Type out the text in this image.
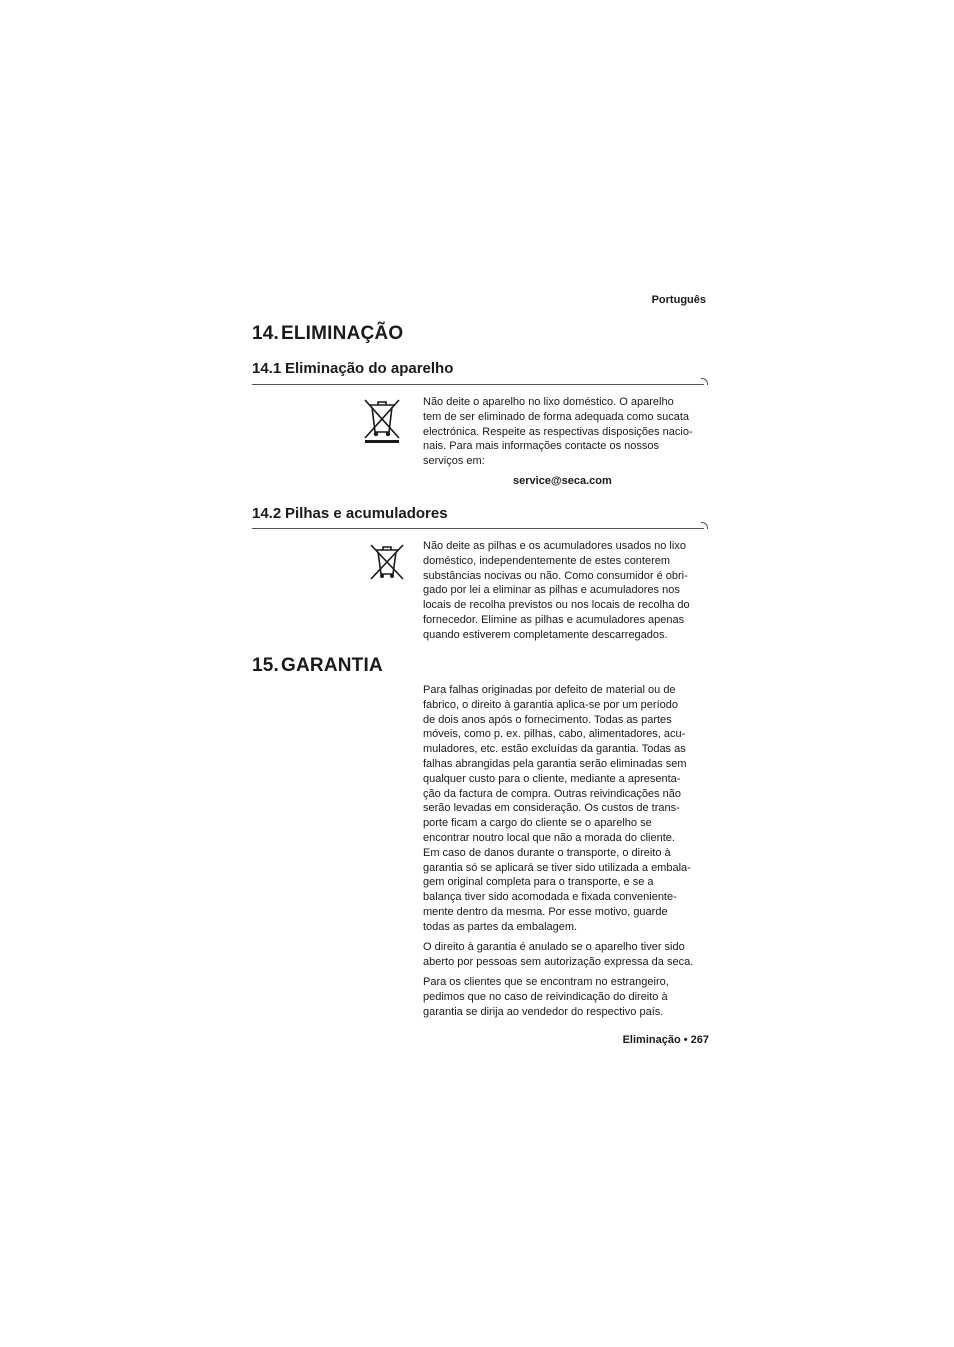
Português
14. ELIMINAÇÃO
14.1 Eliminação do aparelho

Não deite o aparelho no lixo doméstico. O aparelho
tem de ser eliminado de forma adequada como sucata
electrónica. Respeite as respectivas disposições nacio-
nais. Para mais informações contacte os nossos
serviços em:

service@seca.com
14.2 Pilhas e acumuladores

Não deite as pilhas e os acumuladores usados no lixo
doméstico, independentemente de estes conterem
substâncias nocivas ou não. Como consumidor é obri-
gado por lei a eliminar as pilhas e acumuladores nos
locais de recolha previstos ou nos locais de recolha do
fornecedor. Elimine as pilhas e acumuladores apenas
quando estiverem completamente descarregados.

15. GARANTIA

Para falhas originadas por defeito de material ou de
fabrico, o direito à garantia aplica-se por um período
de dois anos após o fornecimento. Todas as partes
móveis, como p. ex. pilhas, cabo, alimentadores, acu-
muladores, etc. estão excluídas da garantia. Todas as
falhas abrangidas pela garantia serão eliminadas sem
qualquer custo para o cliente, mediante a apresenta-
ção da factura de compra. Outras reivindicações não
serão levadas em consideração. Os custos de trans-
porte ficam a cargo do cliente se o aparelho se
encontrar noutro local que não a morada do cliente.
Em caso de danos durante o transporte, o direito à
garantia só se aplicará se tiver sido utilizada a embala-
gem original completa para o transporte, e se a
balança tiver sido acomodada e fixada conveniente-
mente dentro da mesma. Por esse motivo, guarde
todas as partes da embalagem.

O direito à garantia é anulado se o aparelho tiver sido
aberto por pessoas sem autorização expressa da seca.

Para os clientes que se encontram no estrangeiro,
pedimos que no caso de reivindicação do direito à
garantia se dirija ao vendedor do respectivo país.

Eliminação • 267
